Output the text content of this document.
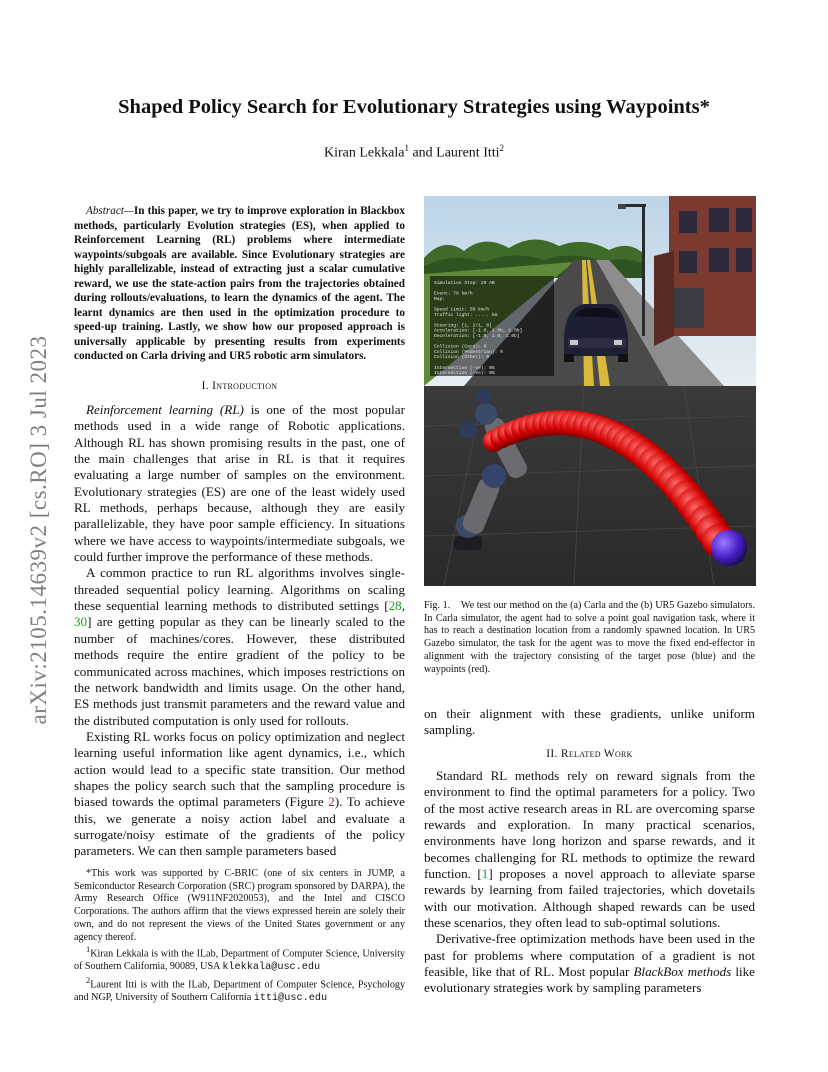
arXiv:2105.14639v2 [cs.RO] 3 Jul 2023
Shaped Policy Search for Evolutionary Strategies using Waypoints*
Kiran Lekkala$^1$ and Laurent Itti$^2$
Abstract—In this paper, we try to improve exploration in Blackbox methods, particularly Evolution strategies (ES), when applied to Reinforcement Learning (RL) problems where intermediate waypoints/subgoals are available. Since Evolutionary strategies are highly parallelizable, instead of extracting just a scalar cumulative reward, we use the state-action pairs from the trajectories obtained during rollouts/evaluations, to learn the dynamics of the agent. The learnt dynamics are then used in the optimization procedure to speed-up training. Lastly, we show how our proposed approach is universally applicable by presenting results from experiments conducted on Carla driving and UR5 robotic arm simulators.
I. Introduction

Reinforcement learning (RL) is one of the most popular methods used in a wide range of Robotic applications. Although RL has shown promising results in the past, one of the main challenges that arise in RL is that it requires evaluating a large number of samples on the environment. Evolutionary strategies (ES) are one of the least widely used RL methods, perhaps because, although they are easily parallelizable, they have poor sample efficiency. In situations where we have access to waypoints/intermediate subgoals, we could further improve the performance of these methods.

A common practice to run RL algorithms involves single-threaded sequential policy learning. Algorithms on scaling these sequential learning methods to distributed settings [28, 30] are getting popular as they can be linearly scaled to the number of machines/cores. However, these distributed methods require the entire gradient of the policy to be communicated across machines, which imposes restrictions on the network bandwidth and limits usage. On the other hand, ES methods just transmit parameters and the reward value and the distributed computation is only used for rollouts.

Existing RL works focus on policy optimization and neglect learning useful information like agent dynamics, i.e., which action would lead to a specific state transition. Our method shapes the policy search such that the sampling procedure is biased towards the optimal parameters (Figure 2). To achieve this, we generate a noisy action label and evaluate a surrogate/noisy estimate of the gradients of the policy parameters. We can then sample parameters based

*This work was supported by C-BRIC (one of six centers in JUMP, a Semiconductor Research Corporation (SRC) program sponsored by DARPA), the Army Research Office (W911NF2020053), and the Intel and CISCO Corporations. The authors affirm that the views expressed herein are solely their own, and do not represent the views of the United States government or any agency thereof.

$^1$Kiran Lekkala is with the ILab, Department of Computer Science, University of Southern California, 90089, USA klekkala@usc.edu

$^2$Laurent Itti is with the ILab, Department of Computer Science, Psychology and NGP, University of Southern California itti@usc.edu

Simulation Step: 29 AB
Event: 78 km/h
Map:
Speed Limit: 50 km/h
Traffic light: ..... km
Steering: [1, 2/1, 0]
Acceleration: [-1.0, 1.0b, 1.0b]
Deceleration: [-1.0, 1.0, 1.0b]
Collision (Cars): 0
Collision (Pedestrian): 0
Collision (Other): 0
Intersection (-ve): 0%
Intersection (-ve): 0%
Fig. 1. We test our method on the (a) Carla and the (b) UR5 Gazebo simulators. In Carla simulator, the agent had to solve a point goal navigation task, where it has to reach a destination location from a randomly spawned location. In UR5 Gazebo simulator, the task for the agent was to move the fixed end-effector in alignment with the trajectory consisting of the target pose (blue) and the waypoints (red).

on their alignment with these gradients, unlike uniform sampling.

II. Related Work

Standard RL methods rely on reward signals from the environment to find the optimal parameters for a policy. Two of the most active research areas in RL are overcoming sparse rewards and exploration. In many practical scenarios, environments have long horizon and sparse rewards, and it becomes challenging for RL methods to optimize the reward function. [1] proposes a novel approach to alleviate sparse rewards by learning from failed trajectories, which dovetails with our motivation. Although shaped rewards can be used these scenarios, they often lead to sub-optimal solutions.

Derivative-free optimization methods have been used in the past for problems where computation of a gradient is not feasible, like that of RL. Most popular BlackBox methods like evolutionary strategies work by sampling parameters
